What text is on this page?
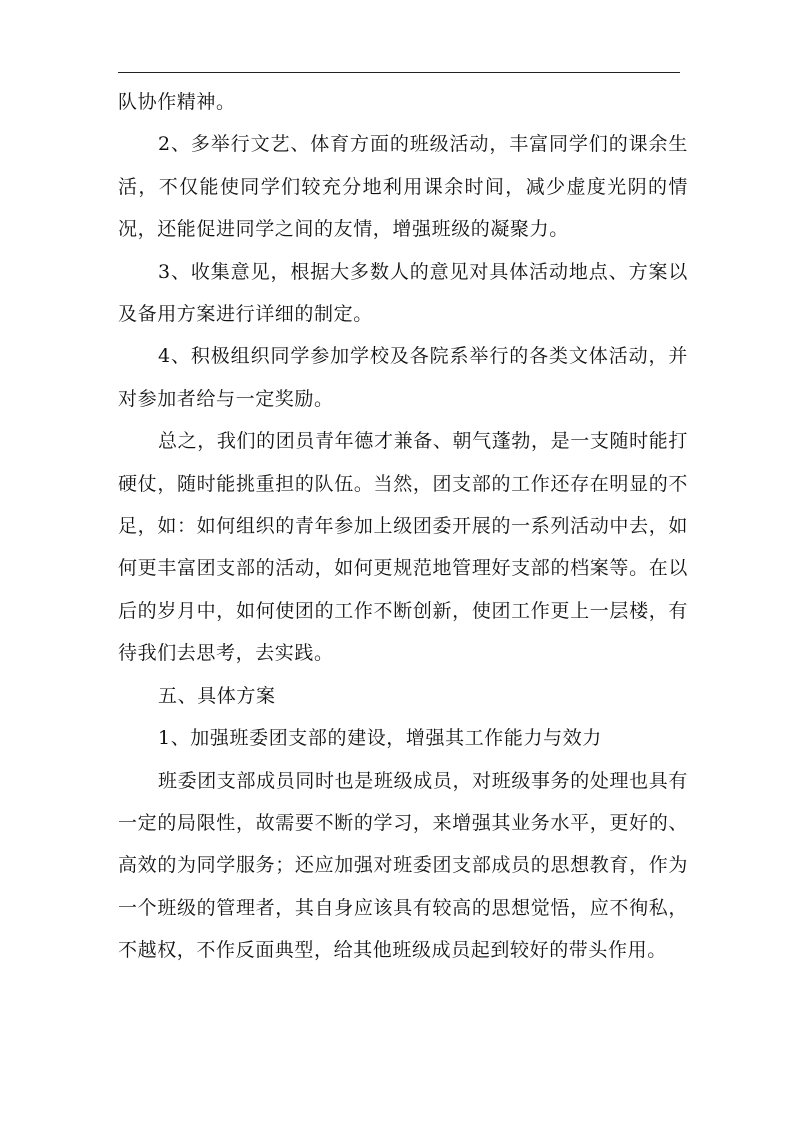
队协作精神。

2、多举行文艺、体育方面的班级活动，丰富同学们的课余生活，不仅能使同学们较充分地利用课余时间，减少虚度光阴的情况，还能促进同学之间的友情，增强班级的凝聚力。

3、收集意见，根据大多数人的意见对具体活动地点、方案以及备用方案进行详细的制定。

4、积极组织同学参加学校及各院系举行的各类文体活动，并对参加者给与一定奖励。

总之，我们的团员青年德才兼备、朝气蓬勃，是一支随时能打硬仗，随时能挑重担的队伍。当然，团支部的工作还存在明显的不足，如：如何组织的青年参加上级团委开展的一系列活动中去，如何更丰富团支部的活动，如何更规范地管理好支部的档案等。在以后的岁月中，如何使团的工作不断创新，使团工作更上一层楼，有待我们去思考，去实践。

五、具体方案

1、加强班委团支部的建设，增强其工作能力与效力

班委团支部成员同时也是班级成员，对班级事务的处理也具有一定的局限性，故需要不断的学习，来增强其业务水平，更好的、高效的为同学服务；还应加强对班委团支部成员的思想教育，作为一个班级的管理者，其自身应该具有较高的思想觉悟，应不徇私，不越权，不作反面典型，给其他班级成员起到较好的带头作用。
